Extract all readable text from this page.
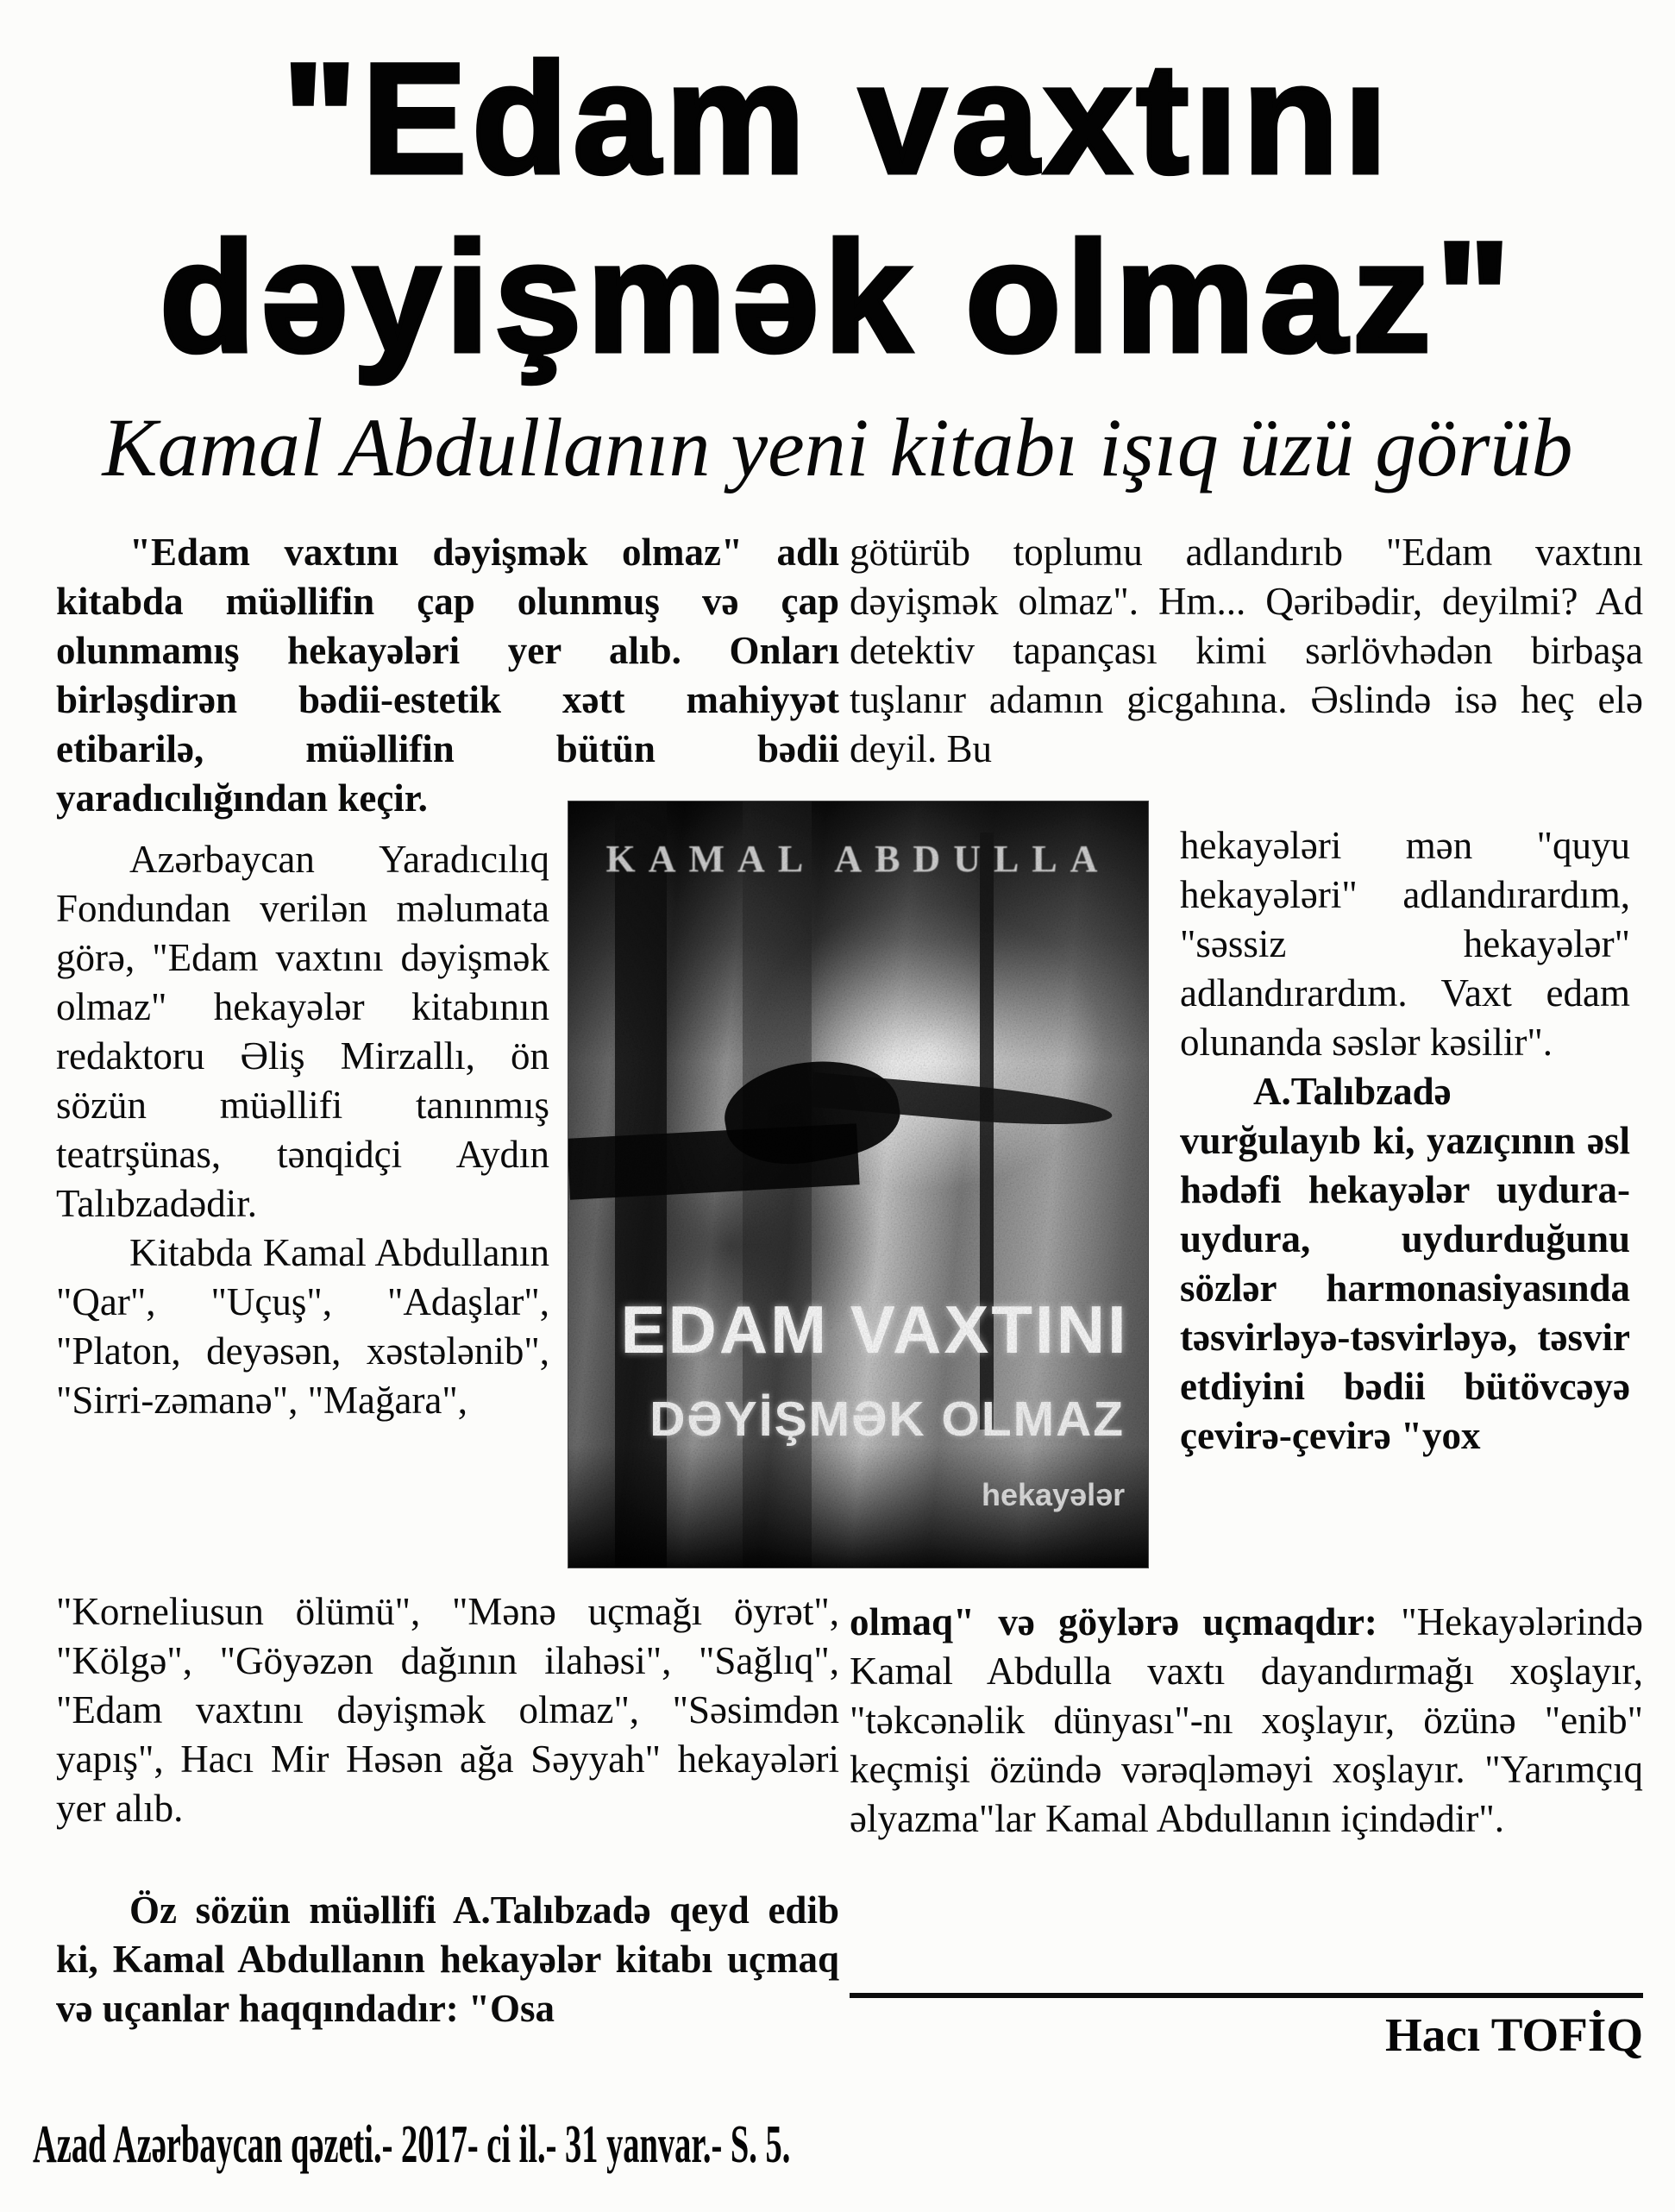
"Edam vaxtını
dəyişmək olmaz"

Kamal Abdullanın yeni kitabı işıq üzü görüb

"Edam vaxtını dəyişmək olmaz" adlı kitabda müəllifin çap olunmuş və çap olunmamış hekayələri yer alıb. Onları birləşdirən bədii-estetik xətt mahiyyət etibarilə, müəllifin bütün bədii yaradıcılığından keçir.

Azərbaycan Yaradıcılıq Fondundan verilən məlumata görə, "Edam vaxtını dəyişmək olmaz" hekayələr kitabının redaktoru Əliş Mirzallı, ön sözün müəllifi tanınmış teatrşünas, tənqidçi Aydın Talıbzadədir.

Kitabda Kamal Abdullanın "Qar", "Uçuş", "Adaşlar", "Platon, deyəsən, xəstələnib", "Sirri-zəmanə", "Mağara",

"Korneliusun ölümü", "Mənə uçmağı öyrət", "Kölgə", "Göyəzən dağının ilahəsi", "Sağlıq", "Edam vaxtını dəyişmək olmaz", "Səsimdən yapış", Hacı Mir Həsən ağa Səyyah" hekayələri yer alıb.

Öz sözün müəllifi A.Talıbzadə qeyd edib ki, Kamal Abdullanın hekayələr kitabı uçmaq və uçanlar haqqındadır: "Osa

götürüb toplumu adlandırıb "Edam vaxtını dəyişmək olmaz". Hm... Qəribədir, deyilmi? Ad detektiv tapançası kimi sərlövhədən birbaşa tuşlanır adamın gicgahına. Əslində isə heç elə deyil. Bu

hekayələri mən "quyu hekayələri" adlandırardım, "səssiz hekayələr" adlandırardım. Vaxt edam olunanda səslər kəsilir".

A.Talıbzadə vurğulayıb ki, yazıçının əsl hədəfi hekayələr uydura-uydura, uydurduğunu sözlər harmonasiyasında təsvirləyə-təsvirləyə, təsvir etdiyini bədii bütövcəyə çevirə-çevirə "yox

olmaq" və göylərə uçmaqdır: "Hekayələrində Kamal Abdulla vaxtı dayandırmağı xoşlayır, "təkcənəlik dünyası"-nı xoşlayır, özünə "enib" keçmişi özündə vərəqləməyi xoşlayır. "Yarımçıq əlyazma"lar Kamal Abdullanın içindədir".

Hacı TOFİQ
Azad Azərbaycan qəzeti.- 2017- ci il.- 31 yanvar.- S. 5.
